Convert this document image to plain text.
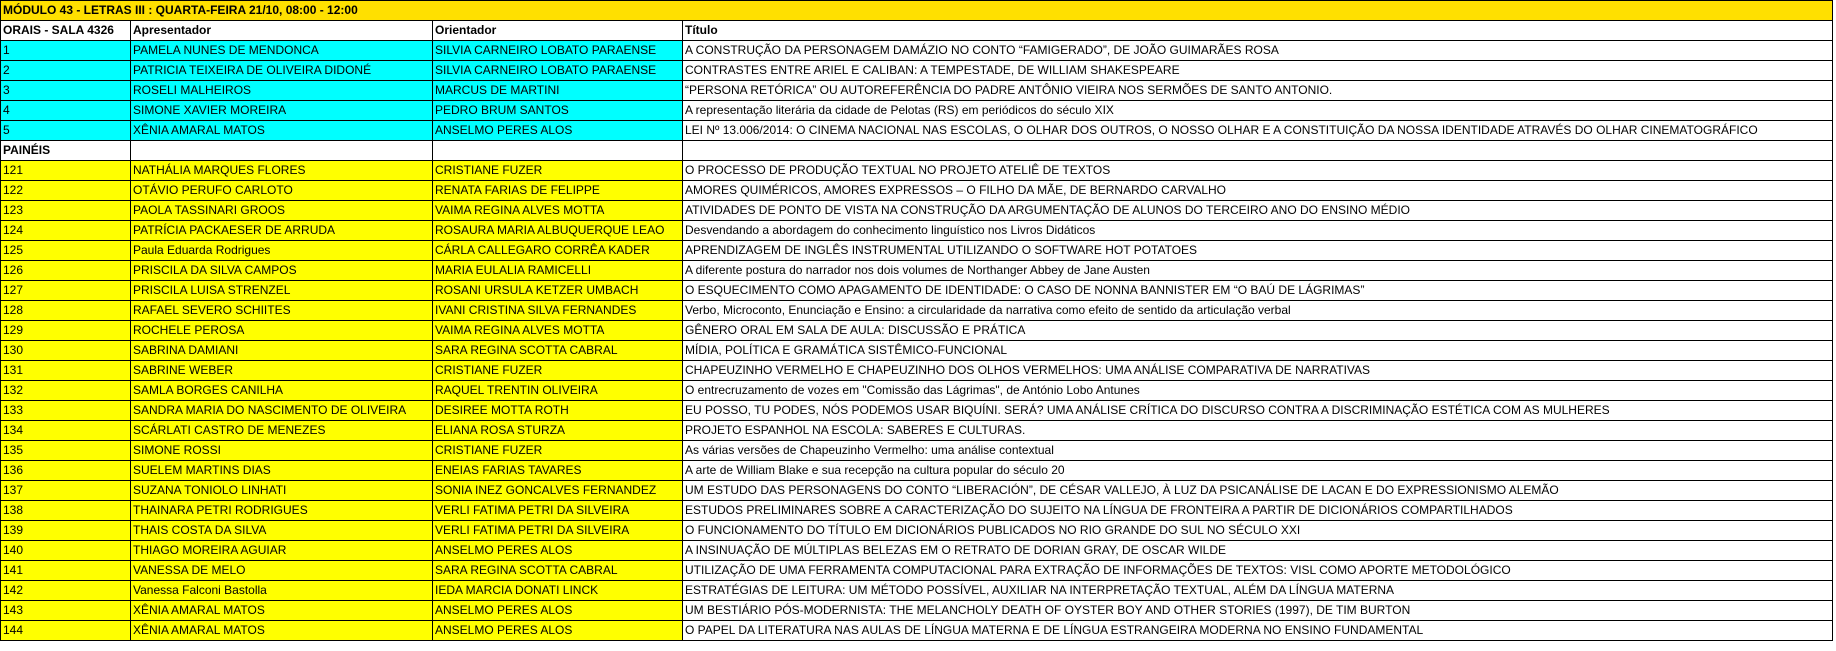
MÓDULO 43 - LETRAS III : QUARTA-FEIRA 21/10, 08:00 - 12:00			
ORAIS - SALA 4326	Apresentador	Orientador	Título
1	PAMELA NUNES DE MENDONCA	SILVIA CARNEIRO LOBATO PARAENSE	A CONSTRUÇÃO DA PERSONAGEM DAMÁZIO NO CONTO “FAMIGERADO”, DE JOÃO GUIMARÃES ROSA
2	PATRICIA TEIXEIRA DE OLIVEIRA DIDONÉ	SILVIA CARNEIRO LOBATO PARAENSE	CONTRASTES ENTRE ARIEL E CALIBAN: A TEMPESTADE, DE WILLIAM SHAKESPEARE
3	ROSELI MALHEIROS	MARCUS DE MARTINI	“PERSONA RETÓRICA” OU AUTOREFERÊNCIA DO PADRE ANTÔNIO VIEIRA NOS SERMÕES DE SANTO ANTONIO.
4	SIMONE XAVIER MOREIRA	PEDRO BRUM SANTOS	A representação literária da cidade de Pelotas (RS) em periódicos do século XIX
5	XÊNIA AMARAL MATOS	ANSELMO PERES ALOS	LEI Nº 13.006/2014: O CINEMA NACIONAL NAS ESCOLAS, O OLHAR DOS OUTROS, O NOSSO OLHAR E A CONSTITUIÇÃO DA NOSSA IDENTIDADE ATRAVÉS DO OLHAR CINEMATOGRÁFICO
PAINÉIS			
121	NATHÁLIA MARQUES FLORES	CRISTIANE FUZER	O PROCESSO DE PRODUÇÃO TEXTUAL NO PROJETO ATELIÊ DE TEXTOS
122	OTÁVIO PERUFO CARLOTO	RENATA FARIAS DE FELIPPE	AMORES QUIMÉRICOS, AMORES EXPRESSOS – O FILHO DA MÃE, DE BERNARDO CARVALHO
123	PAOLA TASSINARI GROOS	VAIMA REGINA ALVES MOTTA	ATIVIDADES DE PONTO DE VISTA NA CONSTRUÇÃO DA ARGUMENTAÇÃO DE ALUNOS DO TERCEIRO ANO DO ENSINO MÉDIO
124	PATRÍCIA PACKAESER DE ARRUDA	ROSAURA MARIA ALBUQUERQUE LEAO	Desvendando a abordagem do conhecimento linguístico nos Livros Didáticos
125	Paula Eduarda Rodrigues	CÁRLA CALLEGARO CORRÊA KADER	APRENDIZAGEM DE INGLÊS INSTRUMENTAL UTILIZANDO O SOFTWARE HOT POTATOES
126	PRISCILA DA SILVA CAMPOS	MARIA EULALIA RAMICELLI	A diferente postura do narrador nos dois volumes de Northanger Abbey de Jane Austen
127	PRISCILA LUISA STRENZEL	ROSANI URSULA KETZER UMBACH	O ESQUECIMENTO COMO APAGAMENTO DE IDENTIDADE: O CASO DE NONNA BANNISTER EM “O BAÚ DE LÁGRIMAS”
128	RAFAEL SEVERO SCHIITES	IVANI CRISTINA SILVA FERNANDES	Verbo, Microconto, Enunciação e Ensino: a circularidade da narrativa como efeito de sentido da articulação verbal
129	ROCHELE PEROSA	VAIMA REGINA ALVES MOTTA	GÊNERO ORAL EM SALA DE AULA: DISCUSSÃO E PRÁTICA
130	SABRINA DAMIANI	SARA REGINA SCOTTA CABRAL	MÍDIA, POLÍTICA E GRAMÁTICA SISTÊMICO-FUNCIONAL
131	SABRINE WEBER	CRISTIANE FUZER	CHAPEUZINHO VERMELHO E CHAPEUZINHO DOS OLHOS VERMELHOS: UMA ANÁLISE COMPARATIVA DE NARRATIVAS
132	SAMLA BORGES CANILHA	RAQUEL TRENTIN OLIVEIRA	O entrecruzamento de vozes em "Comissão das Lágrimas", de António Lobo Antunes
133	SANDRA MARIA DO NASCIMENTO DE OLIVEIRA	DESIREE MOTTA ROTH	EU POSSO, TU PODES, NÓS PODEMOS USAR BIQUÍNI. SERÁ? UMA ANÁLISE CRÍTICA DO DISCURSO CONTRA A DISCRIMINAÇÃO ESTÉTICA COM AS MULHERES
134	SCÁRLATI CASTRO DE MENEZES	ELIANA ROSA STURZA	PROJETO ESPANHOL NA ESCOLA: SABERES E CULTURAS.
135	SIMONE ROSSI	CRISTIANE FUZER	As várias versões de Chapeuzinho Vermelho: uma análise contextual
136	SUELEM MARTINS DIAS	ENEIAS FARIAS TAVARES	A arte de William Blake e sua recepção na cultura popular do século 20
137	SUZANA TONIOLO LINHATI	SONIA INEZ GONCALVES FERNANDEZ	UM ESTUDO DAS PERSONAGENS DO CONTO “LIBERACIÓN”, DE CÉSAR VALLEJO, À LUZ DA PSICANÁLISE DE LACAN E DO EXPRESSIONISMO ALEMÃO
138	THAINARA PETRI RODRIGUES	VERLI FATIMA PETRI DA SILVEIRA	ESTUDOS PRELIMINARES SOBRE A CARACTERIZAÇÃO DO SUJEITO NA LÍNGUA DE FRONTEIRA A PARTIR DE DICIONÁRIOS COMPARTILHADOS
139	THAIS COSTA DA SILVA	VERLI FATIMA PETRI DA SILVEIRA	O FUNCIONAMENTO DO TÍTULO EM DICIONÁRIOS PUBLICADOS NO RIO GRANDE DO SUL NO SÉCULO XXI
140	THIAGO MOREIRA AGUIAR	ANSELMO PERES ALOS	A INSINUAÇÃO DE MÚLTIPLAS BELEZAS EM O RETRATO DE DORIAN GRAY, DE OSCAR WILDE
141	VANESSA DE MELO	SARA REGINA SCOTTA CABRAL	UTILIZAÇÃO DE UMA FERRAMENTA COMPUTACIONAL PARA EXTRAÇÃO DE INFORMAÇÕES DE TEXTOS: VISL COMO APORTE METODOLÓGICO
142	Vanessa Falconi Bastolla	IEDA MARCIA DONATI LINCK	ESTRATÉGIAS DE LEITURA: UM MÉTODO POSSÍVEL, AUXILIAR NA INTERPRETAÇÃO TEXTUAL, ALÉM DA LÍNGUA MATERNA
143	XÊNIA AMARAL MATOS	ANSELMO PERES ALOS	UM BESTIÁRIO PÓS-MODERNISTA: THE MELANCHOLY DEATH OF OYSTER BOY AND OTHER STORIES (1997), DE TIM BURTON
144	XÊNIA AMARAL MATOS	ANSELMO PERES ALOS	O PAPEL DA LITERATURA NAS AULAS DE LÍNGUA MATERNA E DE LÍNGUA ESTRANGEIRA MODERNA NO ENSINO FUNDAMENTAL
